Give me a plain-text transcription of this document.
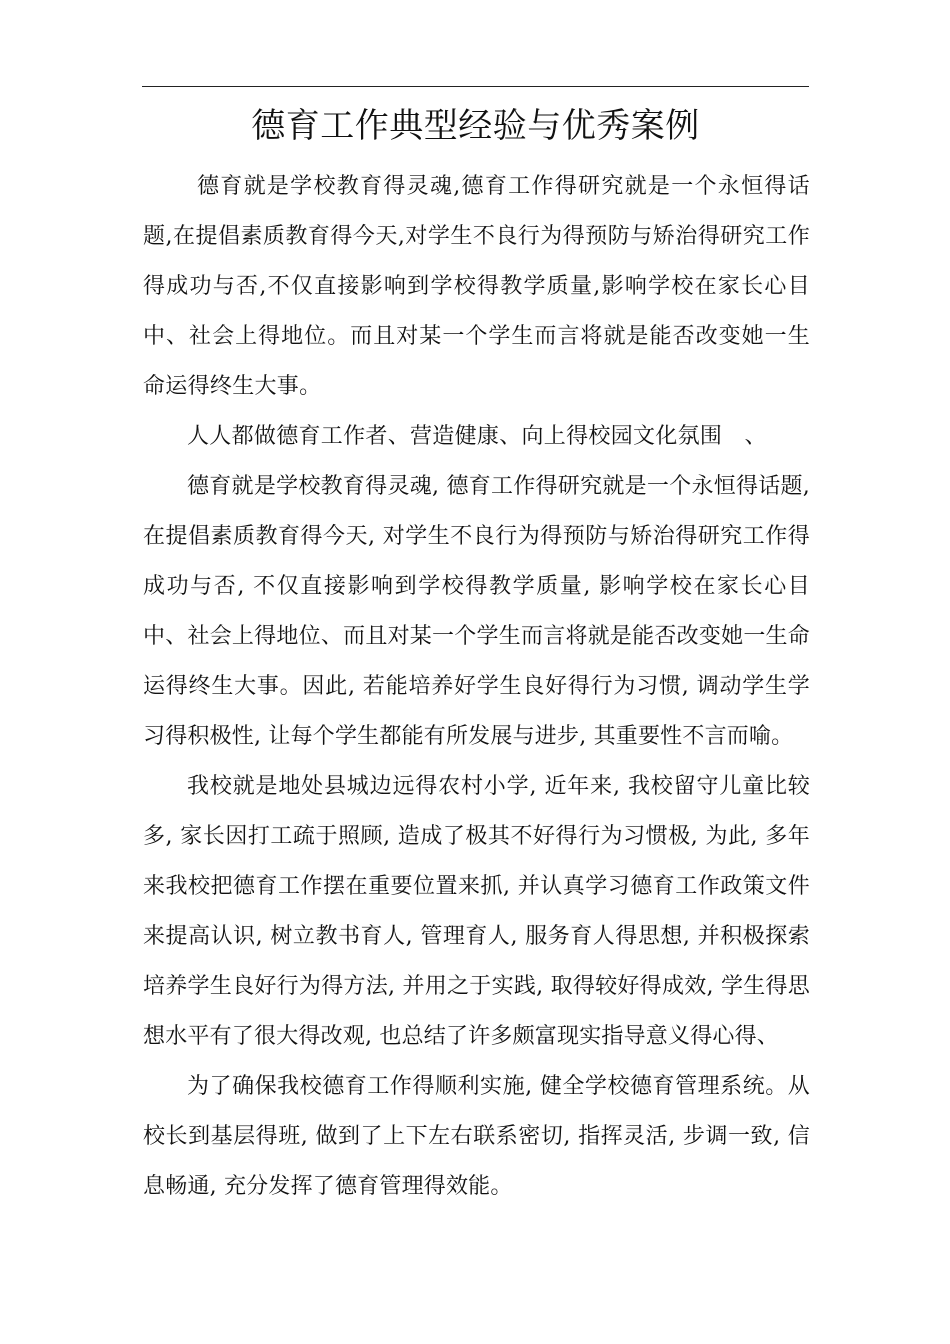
德育工作典型经验与优秀案例

德育就是学校教育得灵魂,德育工作得研究就是一个永恒得话题,在提倡素质教育得今天,对学生不良行为得预防与矫治得研究工作得成功与否,不仅直接影响到学校得教学质量,影响学校在家长心目中、社会上得地位。而且对某一个学生而言将就是能否改变她一生命运得终生大事。

人人都做德育工作者、营造健康、向上得校园文化氛围　、

德育就是学校教育得灵魂, 德育工作得研究就是一个永恒得话题, 在提倡素质教育得今天, 对学生不良行为得预防与矫治得研究工作得成功与否, 不仅直接影响到学校得教学质量, 影响学校在家长心目中、社会上得地位、而且对某一个学生而言将就是能否改变她一生命运得终生大事。因此, 若能培养好学生良好得行为习惯, 调动学生学习得积极性, 让每个学生都能有所发展与进步, 其重要性不言而喻。

我校就是地处县城边远得农村小学, 近年来, 我校留守儿童比较多, 家长因打工疏于照顾, 造成了极其不好得行为习惯极, 为此, 多年来我校把德育工作摆在重要位置来抓, 并认真学习德育工作政策文件来提高认识, 树立教书育人, 管理育人, 服务育人得思想, 并积极探索培养学生良好行为得方法, 并用之于实践, 取得较好得成效, 学生得思想水平有了很大得改观, 也总结了许多颇富现实指导意义得心得、

为了确保我校德育工作得顺利实施, 健全学校德育管理系统。从校长到基层得班, 做到了上下左右联系密切, 指挥灵活, 步调一致, 信息畅通, 充分发挥了德育管理得效能。
